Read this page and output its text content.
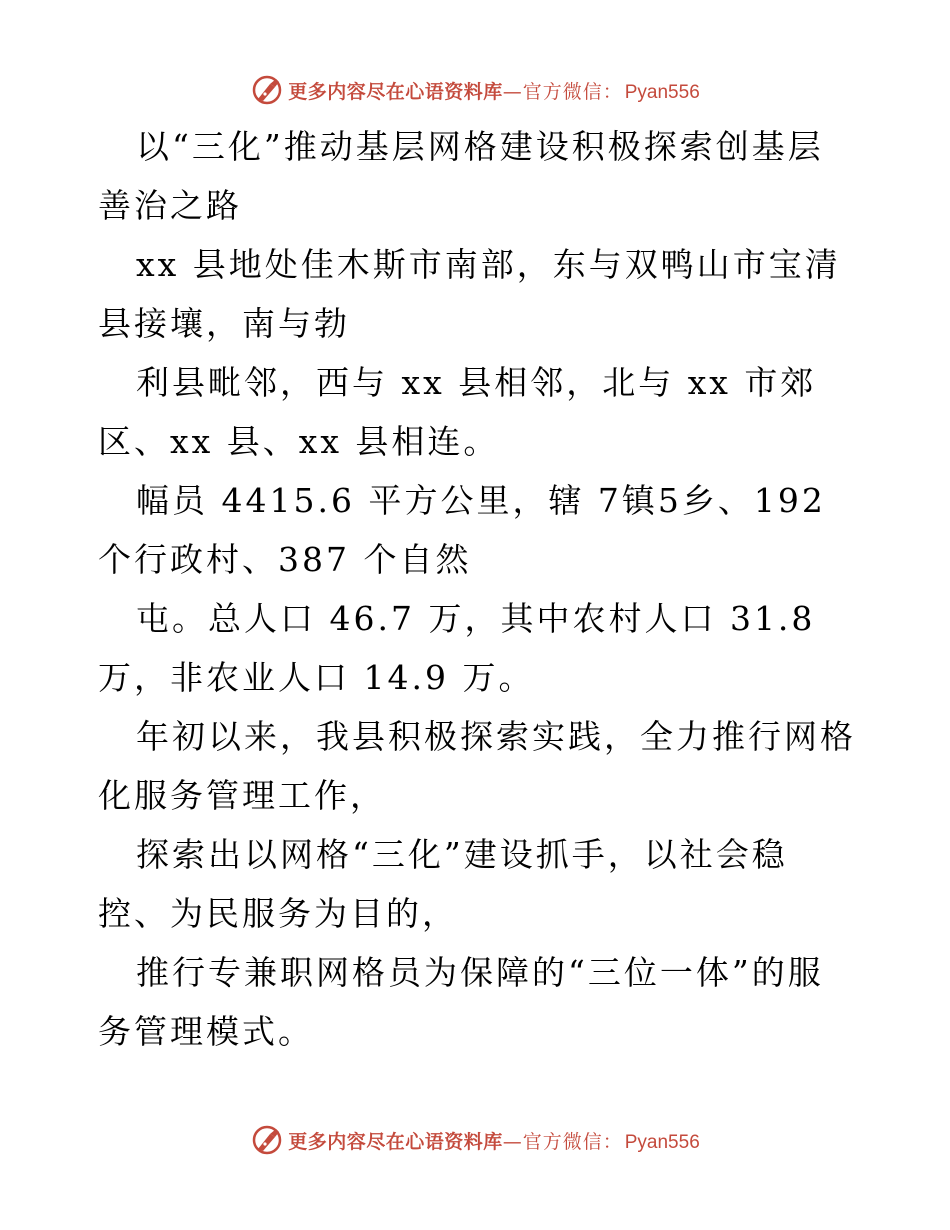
更多内容尽在心语资料库—官方微信： Pyan556

以“三化”推动基层网格建设积极探索创基层善治之路

xx 县地处佳木斯市南部，东与双鸭山市宝清县接壤，南与勃

利县毗邻，西与 xx 县相邻，北与 xx 市郊区、xx 县、xx 县相连。

幅员 4415.6 平方公里，辖 7镇5乡、192 个行政村、387 个自然

屯。总人口 46.7 万，其中农村人口 31.8 万，非农业人口 14.9 万。

年初以来，我县积极探索实践，全力推行网格化服务管理工作，

探索出以网格“三化”建设抓手，以社会稳控、为民服务为目的，

推行专兼职网格员为保障的“三位一体”的服务管理模式。

更多内容尽在心语资料库—官方微信： Pyan556
